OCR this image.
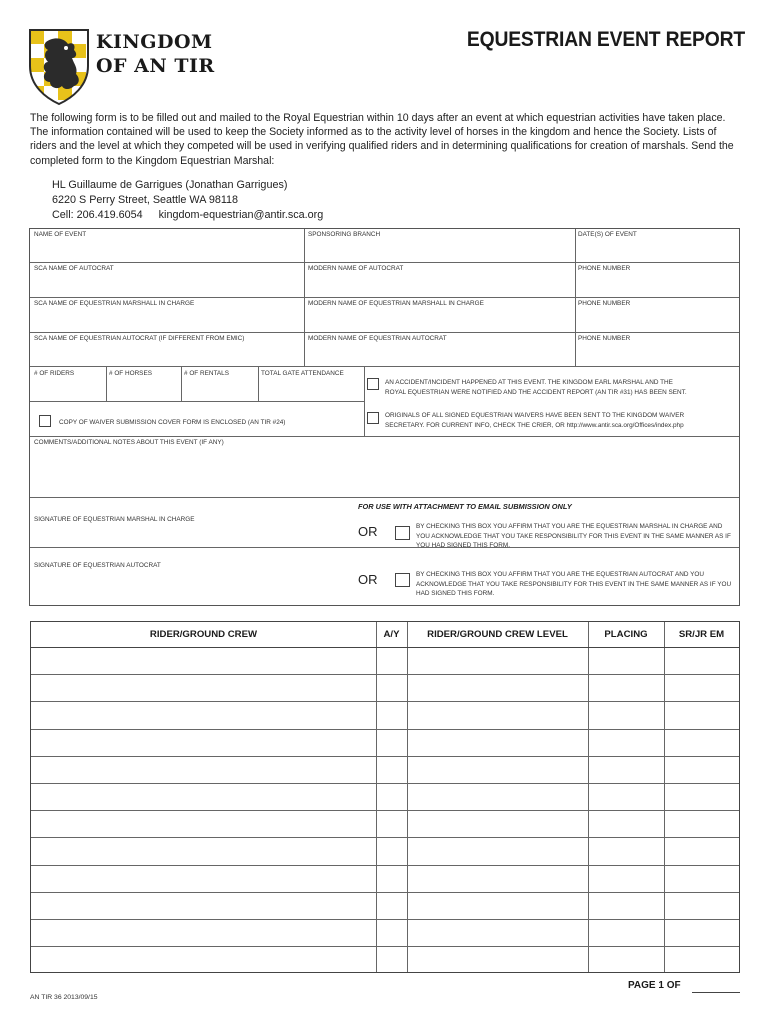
KINGDOM
OF AN TIR
EQUESTRIAN EVENT REPORT
The following form is to be filled out and mailed to the Royal Equestrian within 10 days after an event at which equestrian activities have taken place. The information contained will be used to keep the Society informed as to the activity level of horses in the kingdom and hence the Society. Lists of riders and the level at which they competed will be used in verifying qualified riders and in determining qualifications for creation of marshals. Send the completed form to the Kingdom Equestrian Marshal:
HL Guillaume de Garrigues (Jonathan Garrigues)
6220 S Perry Street, Seattle WA 98118
Cell: 206.419.6054 kingdom-equestrian@antir.sca.org
NAME OF EVENT	SPONSORING BRANCH	DATE(S) OF EVENT
SCA NAME OF AUTOCRAT	MODERN NAME OF AUTOCRAT	PHONE NUMBER
SCA NAME OF EQUESTRIAN MARSHALL IN CHARGE	MODERN NAME OF EQUESTRIAN MARSHALL IN CHARGE	PHONE NUMBER
SCA NAME OF EQUESTRIAN AUTOCRAT (IF DIFFERENT FROM EMIC)	MODERN NAME OF EQUESTRIAN AUTOCRAT	PHONE NUMBER
# OF RIDERS	# OF HORSES	# OF RENTALS	TOTAL GATE ATTENDANCE
AN ACCIDENT/INCIDENT HAPPENED AT THIS EVENT. THE KINGDOM EARL MARSHAL AND THE
ROYAL EQUESTRIAN WERE NOTIFIED AND THE ACCIDENT REPORT (AN TIR #31) HAS BEEN SENT.
COPY OF WAIVER SUBMISSION COVER FORM IS ENCLOSED (AN TIR #24)
ORIGINALS OF ALL SIGNED EQUESTRIAN WAIVERS HAVE BEEN SENT TO THE KINGDOM WAIVER
SECRETARY. FOR CURRENT INFO, CHECK THE CRIER, OR http://www.antir.sca.org/Offices/index.php
COMMENTS/ADDITIONAL NOTES ABOUT THIS EVENT (IF ANY)
FOR USE WITH ATTACHMENT TO EMAIL SUBMISSION ONLY
SIGNATURE OF EQUESTRIAN MARSHAL IN CHARGE
OR	BY CHECKING THIS BOX YOU AFFIRM THAT YOU ARE THE EQUESTRIAN MARSHAL IN CHARGE AND
YOU ACKNOWLEDGE THAT YOU TAKE RESPONSIBILITY FOR THIS EVENT IN THE SAME MANNER AS IF
YOU HAD SIGNED THIS FORM.
SIGNATURE OF EQUESTRIAN AUTOCRAT
OR	BY CHECKING THIS BOX YOU AFFIRM THAT YOU ARE THE EQUESTRIAN AUTOCRAT AND YOU
ACKNOWLEDGE THAT YOU TAKE RESPONSIBILITY FOR THIS EVENT IN THE SAME MANNER AS IF YOU
HAD SIGNED THIS FORM.
RIDER/GROUND CREW	A/Y	RIDER/GROUND CREW LEVEL	PLACING	SR/JR EM
AN TIR 36 2013/09/15
PAGE 1 OF
